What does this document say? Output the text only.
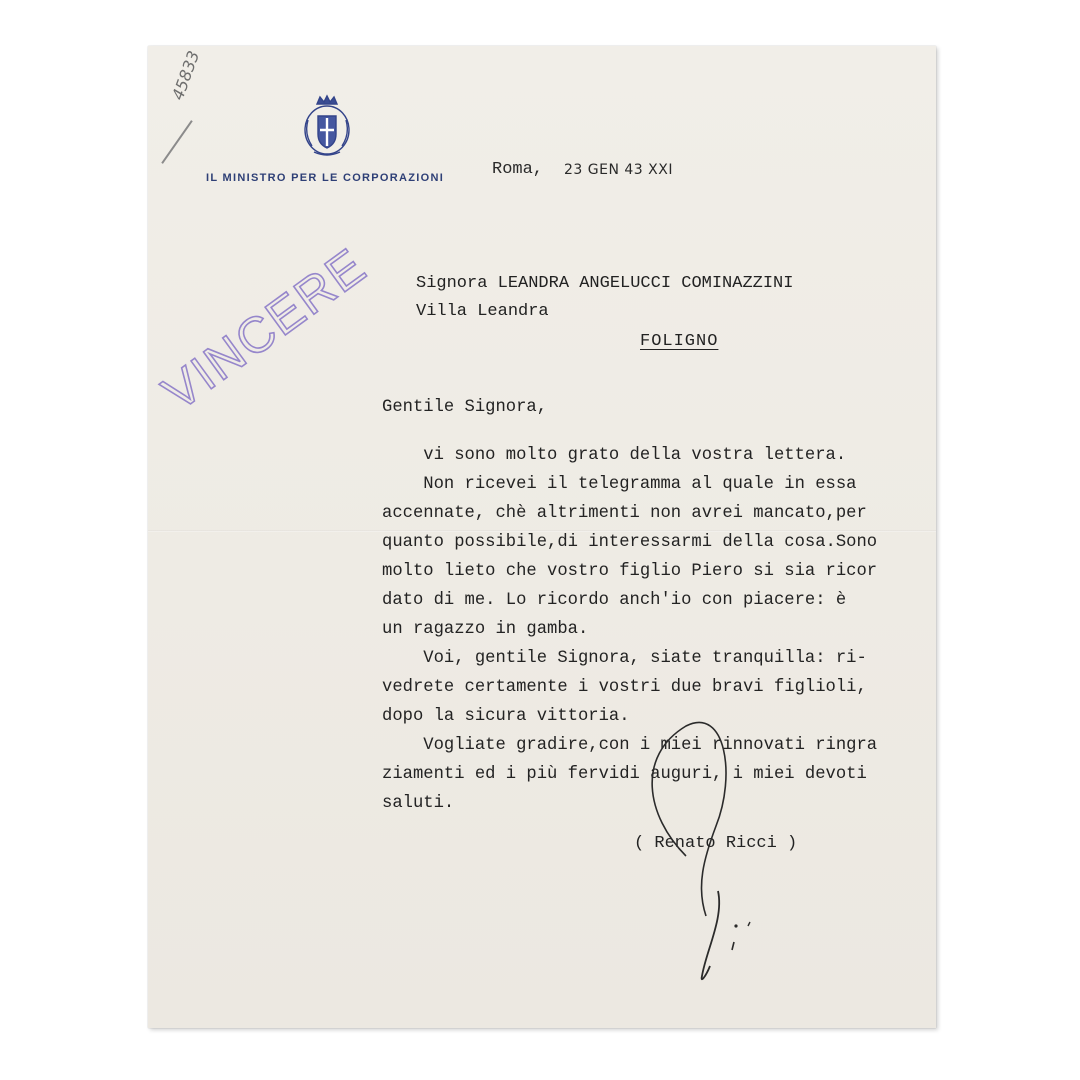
45833
IL MINISTRO PER LE CORPORAZIONI	Roma, 23 GEN 43 XXI
VINCERE Signora LEANDRA ANGELUCCI COMINAZZINI
Villa Leandra
FOLIGNO
Gentile Signora,
vi sono molto grato della vostra lettera.
Non ricevei il telegramma al quale in essa
accennate, chè altrimenti non avrei mancato,per
quanto possibile,di interessarmi della cosa.Sono
molto lieto che vostro figlio Piero si sia ricor
dato di me. Lo ricordo anch'io con piacere: è
un ragazzo in gamba.
Voi, gentile Signora, siate tranquilla: ri-
vedrete certamente i vostri due bravi figlioli,
dopo la sicura vittoria.
Vogliate gradire,con i miei rinnovati ringra
ziamenti ed i più fervidi auguri, i miei devoti
saluti.
( Renato Ricci )
